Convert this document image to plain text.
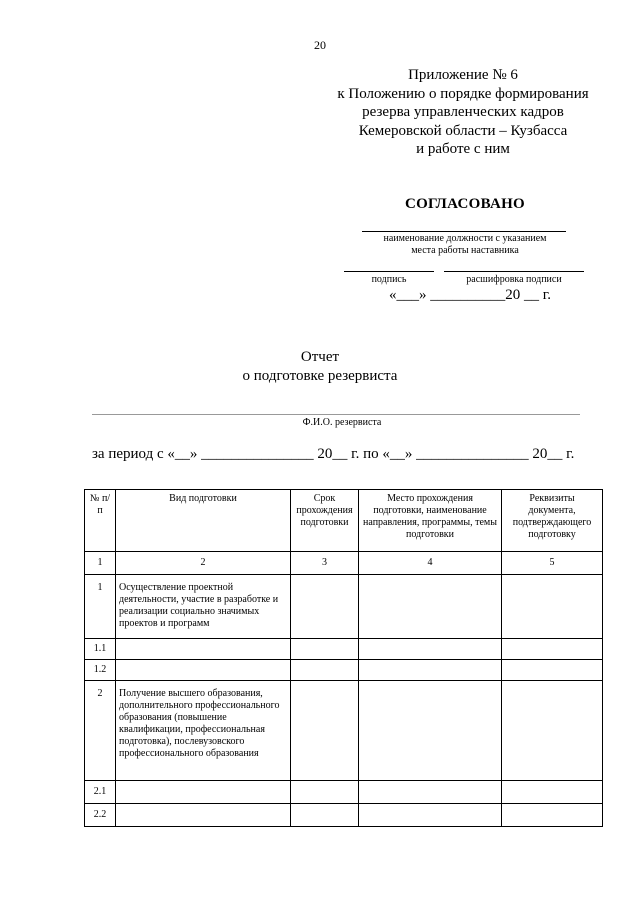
20
Приложение № 6
к Положению о порядке формирования
резерва управленческих кадров
Кемеровской области – Кузбасса
и работе с ним
СОГЛАСОВАНО
наименование должности с указанием
места работы наставника
подпись	расшифровка подписи
«___» __________20 __ г.
Отчет
о подготовке резервиста
Ф.И.О. резервиста
за период с «__» _______________ 20__ г. по «__» _______________ 20__ г.
№ п/п	Вид подготовки	Срок прохождения подготовки	Место прохождения подготовки, наименование направления, программы, темы подготовки	Реквизиты документа, подтверждающего подготовку
1	2	3	4	5
1	Осуществление проектной деятельности, участие в разработке и реализации социально значимых проектов и программ			
1.1				
1.2				
2	Получение высшего образования, дополнительного профессионального образования (повышение квалификации, профессиональная подготовка), послевузовского профессионального образования			
2.1				
2.2				
